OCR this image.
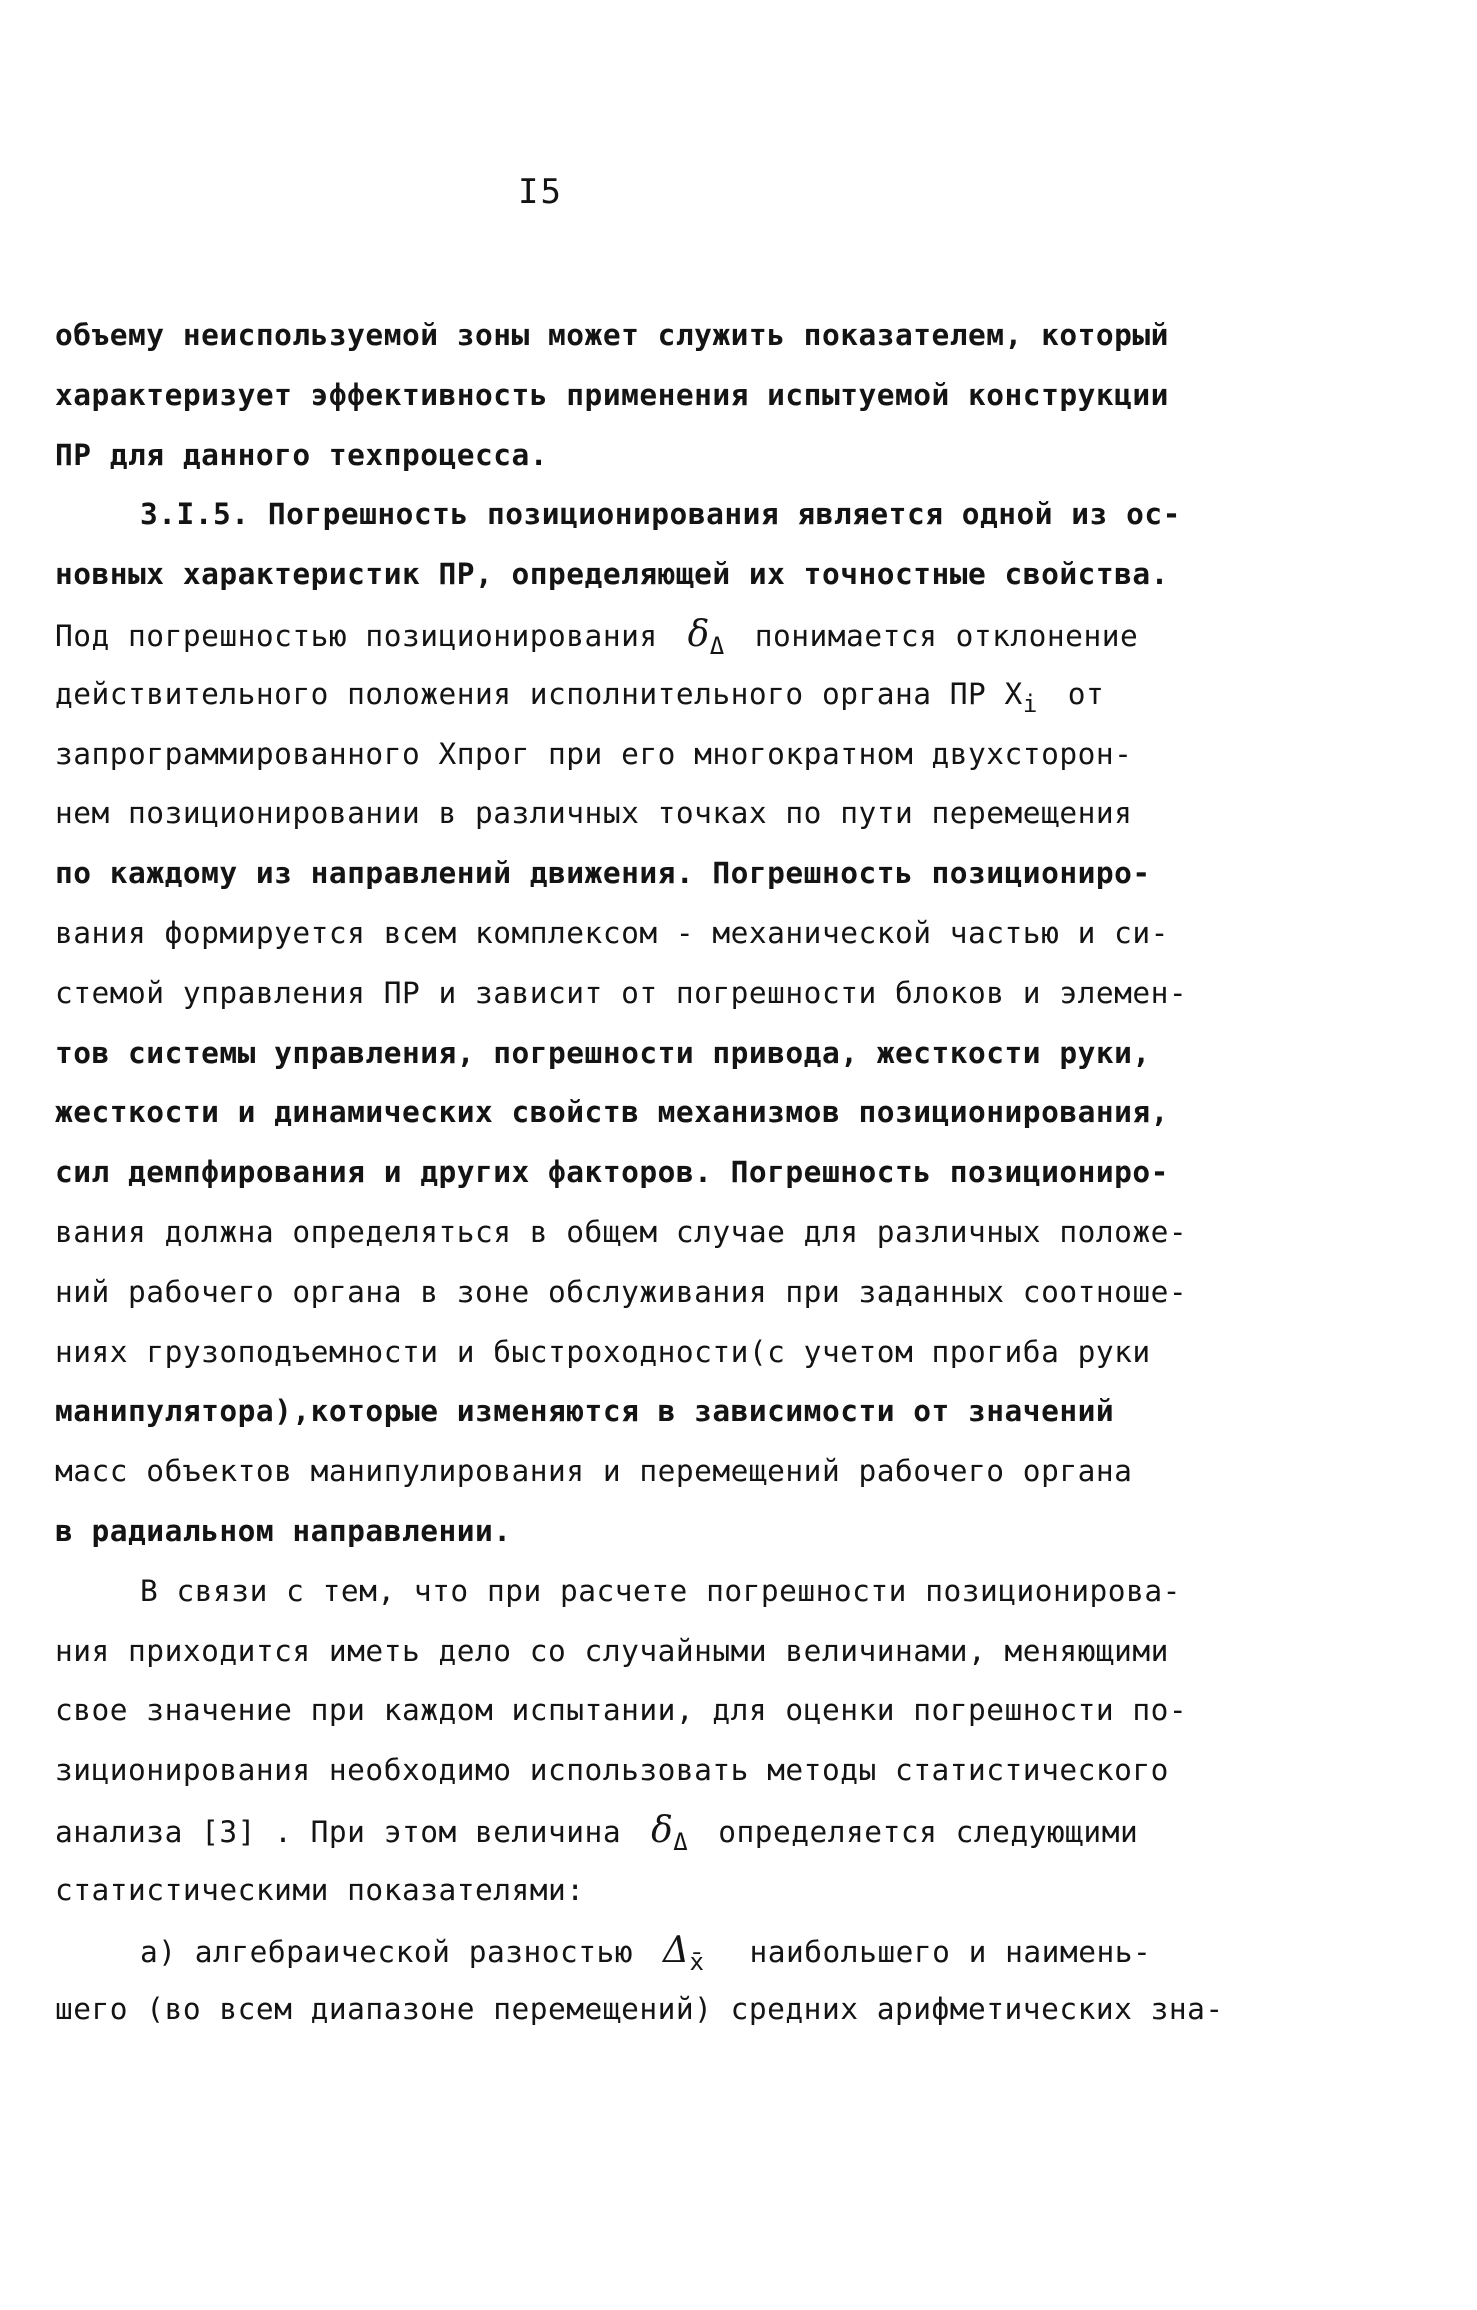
I5
объему неиспользуемой зоны может служить показателем, который
характеризует эффективность применения испытуемой конструкции
ПР для данного техпроцесса.
3.I.5. Погрешность позиционирования является одной из ос-
новных характеристик ПР, определяющей их точностные свойства.
Под погрешностью позиционирования $\delta_\Delta$ понимается отклонение
действительного положения исполнительного органа ПР $Х_i$ от
запрограммированного Хпрог при его многократном двухсторон-
нем позиционировании в различных точках по пути перемещения
по каждому из направлений движения. Погрешность позициониро-
вания формируется всем комплексом - механической частью и си-
стемой управления ПР и зависит от погрешности блоков и элемен-
тов системы управления, погрешности привода, жесткости руки,
жесткости и динамических свойств механизмов позиционирования,
сил демпфирования и других факторов. Погрешность позициониро-
вания должна определяться в общем случае для различных положе-
ний рабочего органа в зоне обслуживания при заданных соотноше-
ниях грузоподъемности и быстроходности(с учетом прогиба руки
манипулятора),которые изменяются в зависимости от значений
масс объектов манипулирования и перемещений рабочего органа
в радиальном направлении.
В связи с тем, что при расчете погрешности позиционирова-
ния приходится иметь дело со случайными величинами, меняющими
свое значение при каждом испытании, для оценки погрешности по-
зиционирования необходимо использовать методы статистического
анализа [3] . При этом величина $\delta_\Delta$ определяется следующими
статистическими показателями:
а) алгебраической разностью $\Delta_{x̄}$ наибольшего и наимень-
шего (во всем диапазоне перемещений) средних арифметических зна-
